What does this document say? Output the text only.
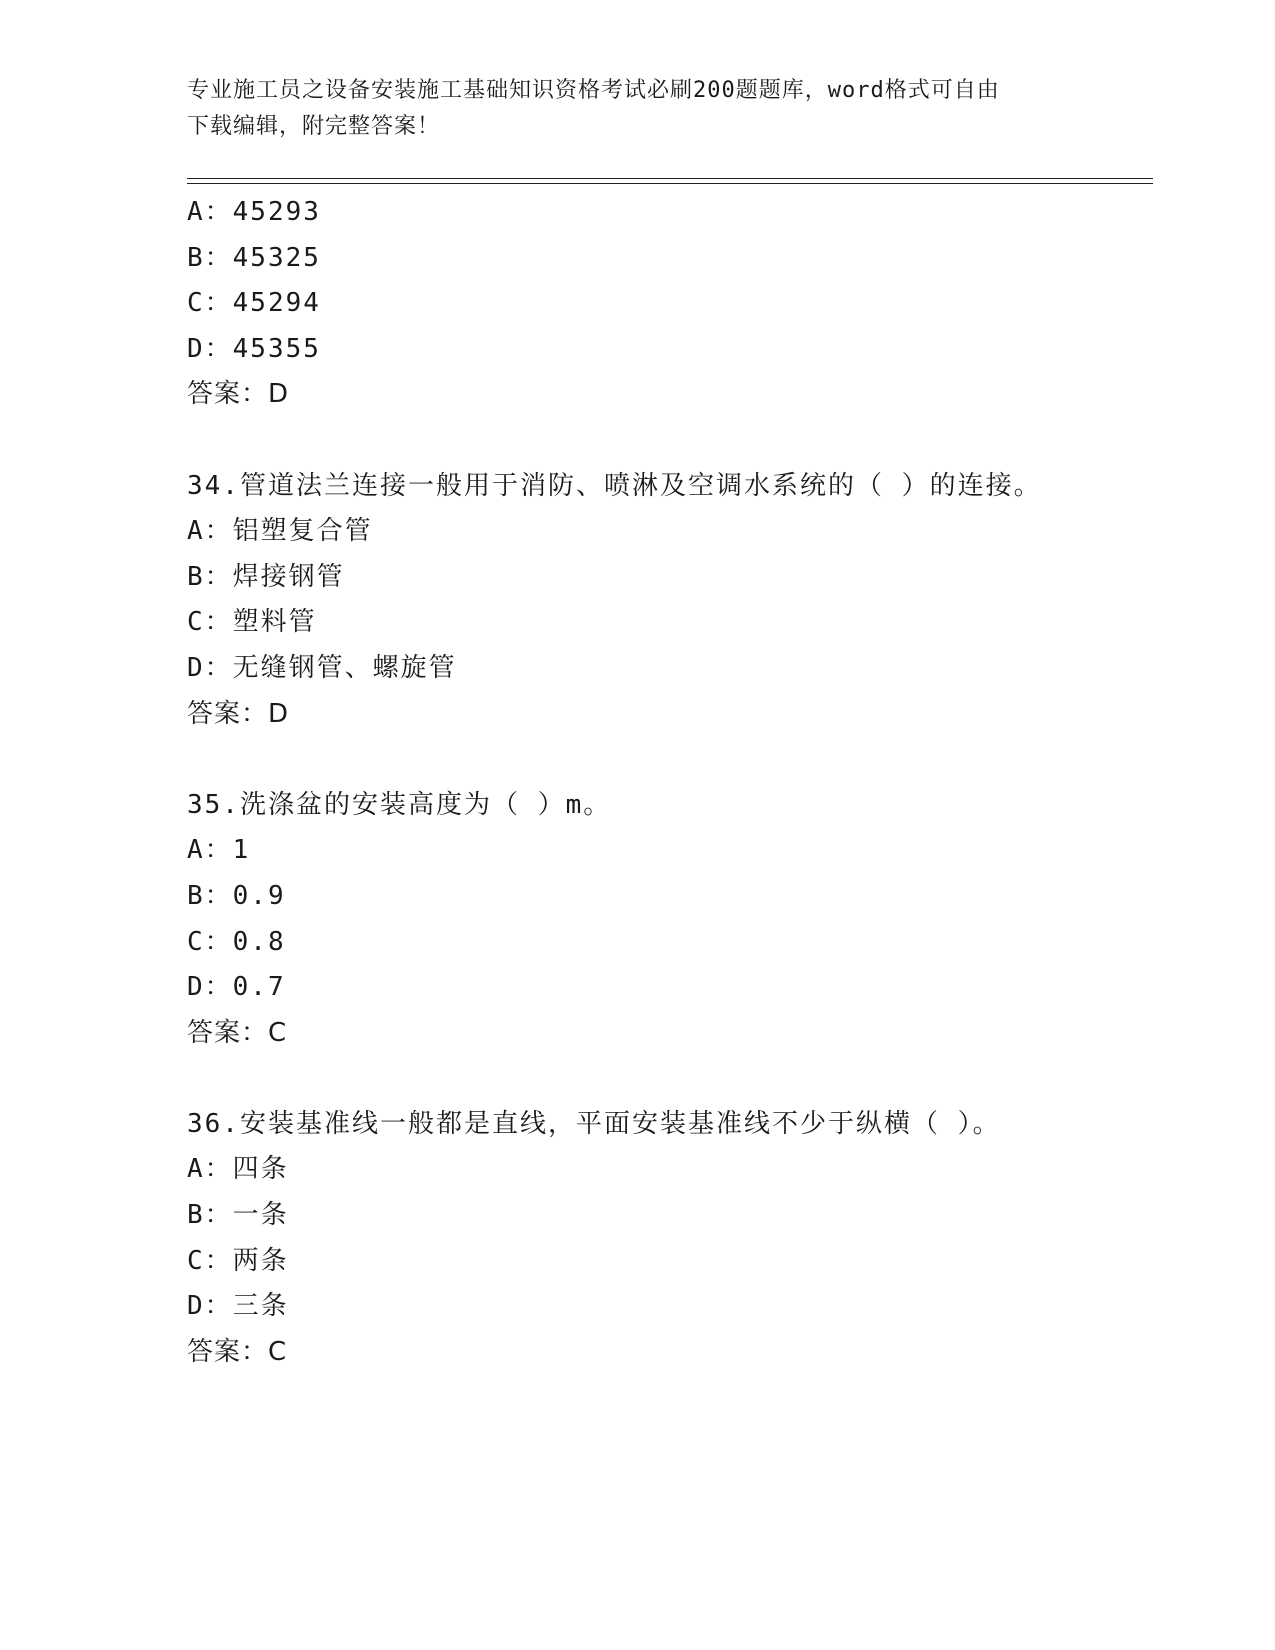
专业施工员之设备安装施工基础知识资格考试必刷200题题库，word格式可自由
下载编辑，附完整答案！
A：45293
B：45325
C：45294
D：45355
答案：D
34.管道法兰连接一般用于消防、喷淋及空调水系统的（ ）的连接。
A：铝塑复合管
B：焊接钢管
C：塑料管
D：无缝钢管、螺旋管
答案：D
35.洗涤盆的安装高度为（ ）m。
A：1
B：0.9
C：0.8
D：0.7
答案：C
36.安装基准线一般都是直线，平面安装基准线不少于纵横（ ）。
A：四条
B：一条
C：两条
D：三条
答案：C
